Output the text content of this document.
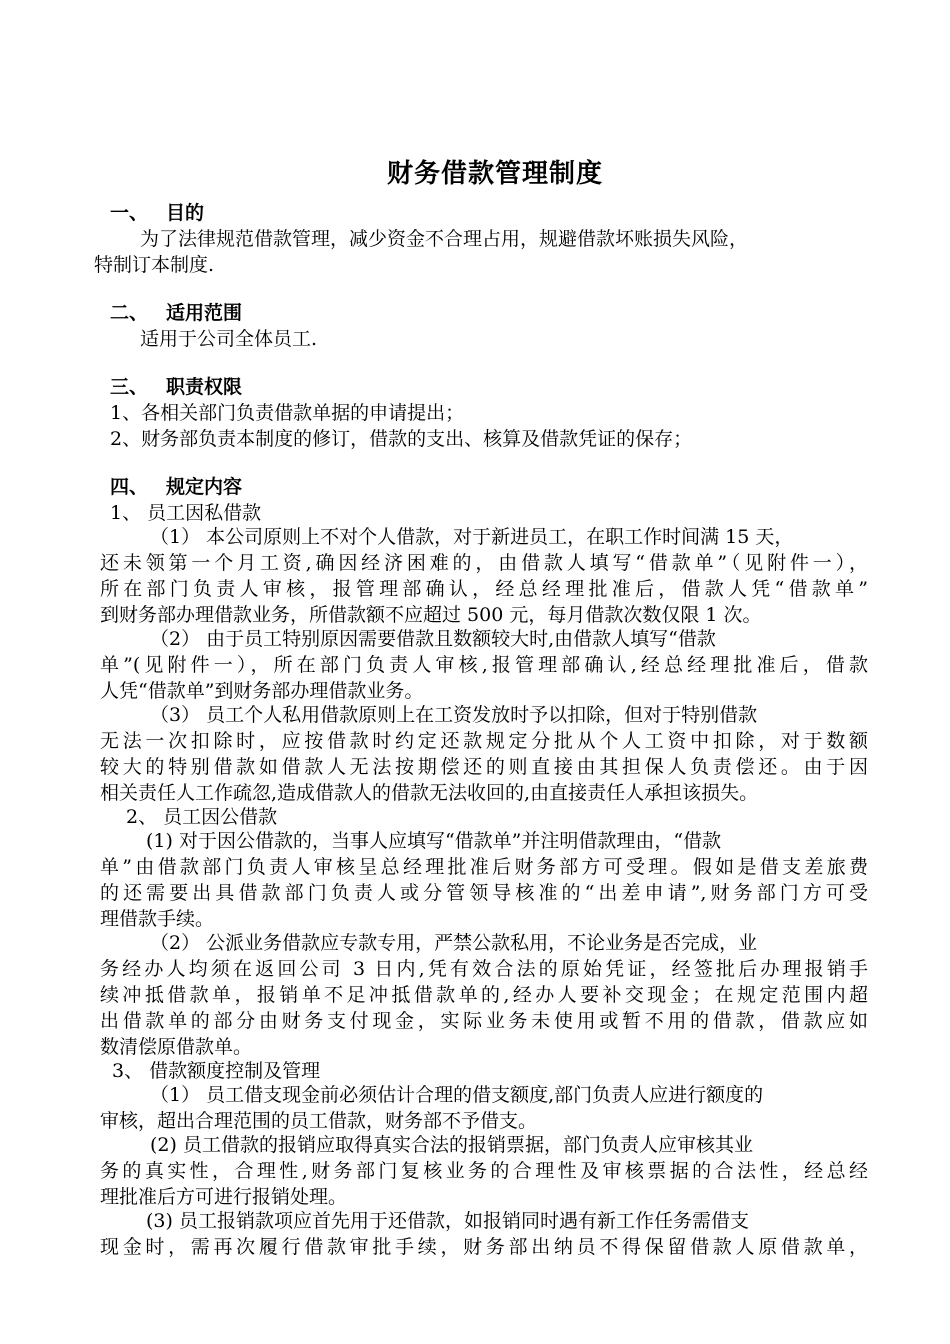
财务借款管理制度
一、 目的
为了法律规范借款管理，减少资金不合理占用，规避借款坏账损失风险，
特制订本制度.
二、 适用范围
适用于公司全体员工.
三、 职责权限
1、各相关部门负责借款单据的申请提出；
2、财务部负责本制度的修订，借款的支出、核算及借款凭证的保存；
四、 规定内容
1、 员工因私借款
（1） 本公司原则上不对个人借款，对于新进员工，在职工作时间满 15 天，
还未领第一个月工资,确因经济困难的，由借款人填写“借款单”（见附件一），
所在部门负责人审核，报管理部确认，经总经理批准后，借款人凭“借款单”
到财务部办理借款业务，所借款额不应超过 500 元，每月借款次数仅限 1 次。
（2） 由于员工特别原因需要借款且数额较大时,由借款人填写“借款
单”(见附件一），所在部门负责人审核,报管理部确认,经总经理批准后，借款
人凭“借款单”到财务部办理借款业务。
（3） 员工个人私用借款原则上在工资发放时予以扣除，但对于特别借款
无法一次扣除时，应按借款时约定还款规定分批从个人工资中扣除，对于数额
较大的特别借款如借款人无法按期偿还的则直接由其担保人负责偿还。由于因
相关责任人工作疏忽,造成借款人的借款无法收回的,由直接责任人承担该损失。
2、 员工因公借款
(1) 对于因公借款的，当事人应填写“借款单”并注明借款理由，“借款
单”由借款部门负责人审核呈总经理批准后财务部方可受理。假如是借支差旅费
的还需要出具借款部门负责人或分管领导核准的“出差申请”,财务部门方可受
理借款手续。
（2） 公派业务借款应专款专用，严禁公款私用，不论业务是否完成，业
务经办人均须在返回公司 3 日内,凭有效合法的原始凭证，经签批后办理报销手
续冲抵借款单，报销单不足冲抵借款单的,经办人要补交现金；在规定范围内超
出借款单的部分由财务支付现金，实际业务未使用或暂不用的借款，借款应如
数清偿原借款单。
3、 借款额度控制及管理
（1） 员工借支现金前必须估计合理的借支额度,部门负责人应进行额度的
审核，超出合理范围的员工借款，财务部不予借支。
(2) 员工借款的报销应取得真实合法的报销票据，部门负责人应审核其业
务的真实性，合理性,财务部门复核业务的合理性及审核票据的合法性，经总经
理批准后方可进行报销处理。
(3) 员工报销款项应首先用于还借款，如报销同时遇有新工作任务需借支
现金时，需再次履行借款审批手续，财务部出纳员不得保留借款人原借款单，
